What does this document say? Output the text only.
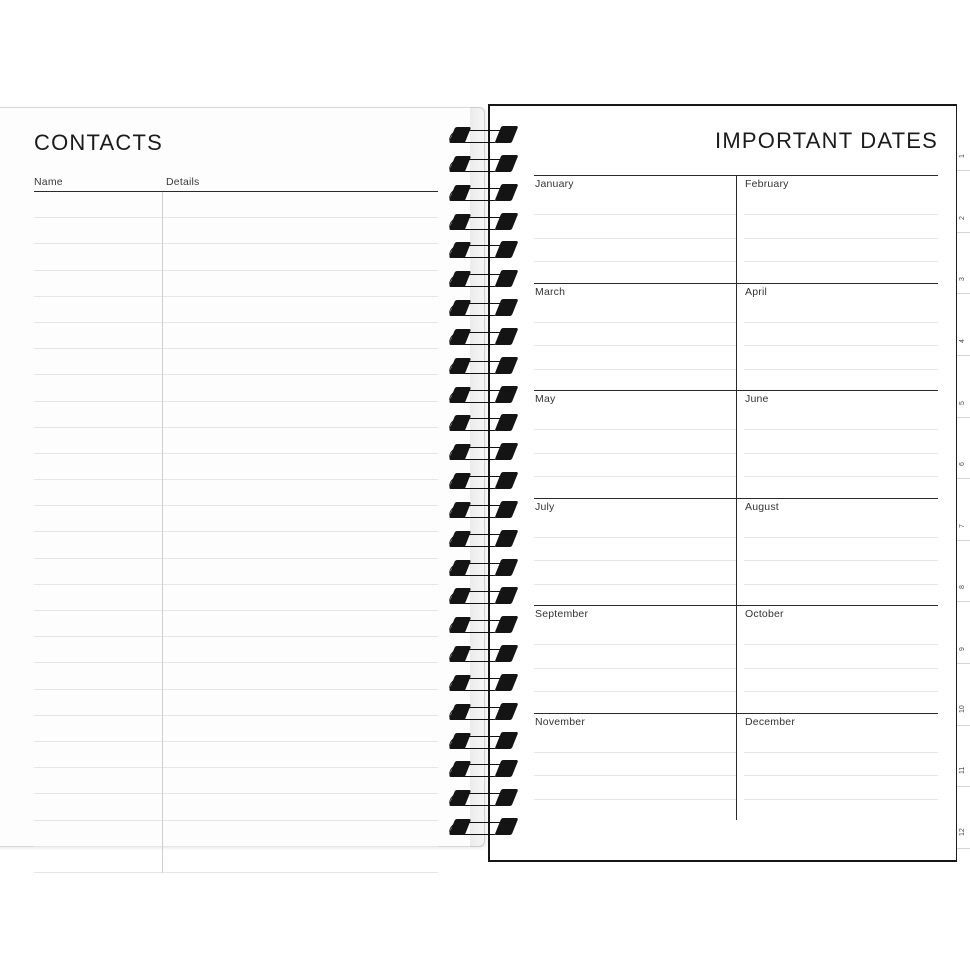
CONTACTS
Name	Details
IMPORTANT DATES
January	February
March	April
May	June
July	August
September	October
November	December
1
2
3
4
5
6
7
8
9
10
11
12
